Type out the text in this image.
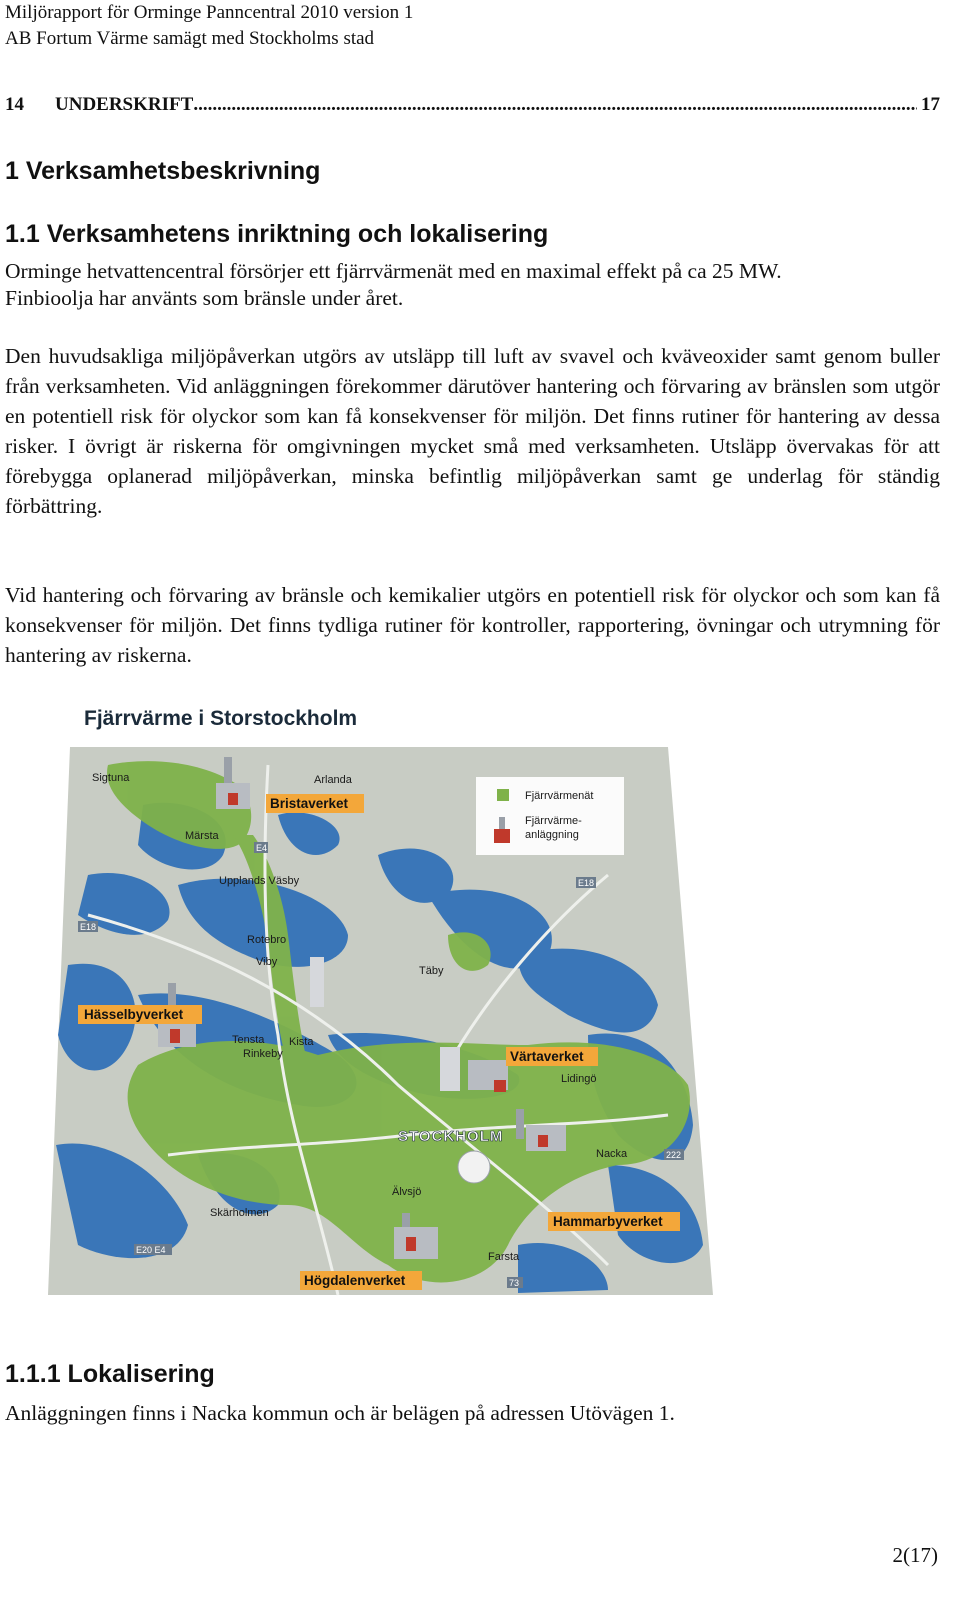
Miljörapport för Orminge Panncentral 2010 version 1
AB Fortum Värme samägt med Stockholms stad
14	UNDERSKRIFT
.....	17
1 Verksamhetsbeskrivning
1.1 Verksamhetens inriktning och lokalisering
Orminge hetvattencentral försörjer ett fjärrvärmenät med en maximal effekt på ca 25 MW.
Finbioolja har använts som bränsle under året.

Den huvudsakliga miljöpåverkan utgörs av utsläpp till luft av svavel och kväveoxider samt genom buller från verksamheten. Vid anläggningen förekommer därutöver hantering och förvaring av bränslen som utgör en potentiell risk för olyckor som kan få konsekvenser för miljön. Det finns rutiner för hantering av dessa risker. I övrigt är riskerna för omgivningen mycket små med verksamheten. Utsläpp övervakas för att förebygga oplanerad miljöpåverkan, minska befintlig miljöpåverkan samt ge underlag för ständig förbättring.

Vid hantering och förvaring av bränsle och kemikalier utgörs en potentiell risk för olyckor och som kan få konsekvenser för miljön. Det finns tydliga rutiner för kontroller, rapportering, övningar och utrymning för hantering av riskerna.

Fjärrvärmenät
Fjärrvärme-
anläggning
Sigtuna	Arlanda
Märsta
Upplands Väsby
Rotebro
Viby
Täby
Tensta
Rinkeby
Kista
Lidingö
STOCKHOLM
Nacka
Älvsjö
Skärholmen
Farsta
E4
E18
E18
E20 E4
222
73
Bristaverket
Hässelbyverket
Värtaverket
Hammarbyverket
Högdalenverket
Fjärrvärme i Storstockholm
1.1.1 Lokalisering

Anläggningen finns i Nacka kommun och är belägen på adressen Utövägen 1.

2(17)
